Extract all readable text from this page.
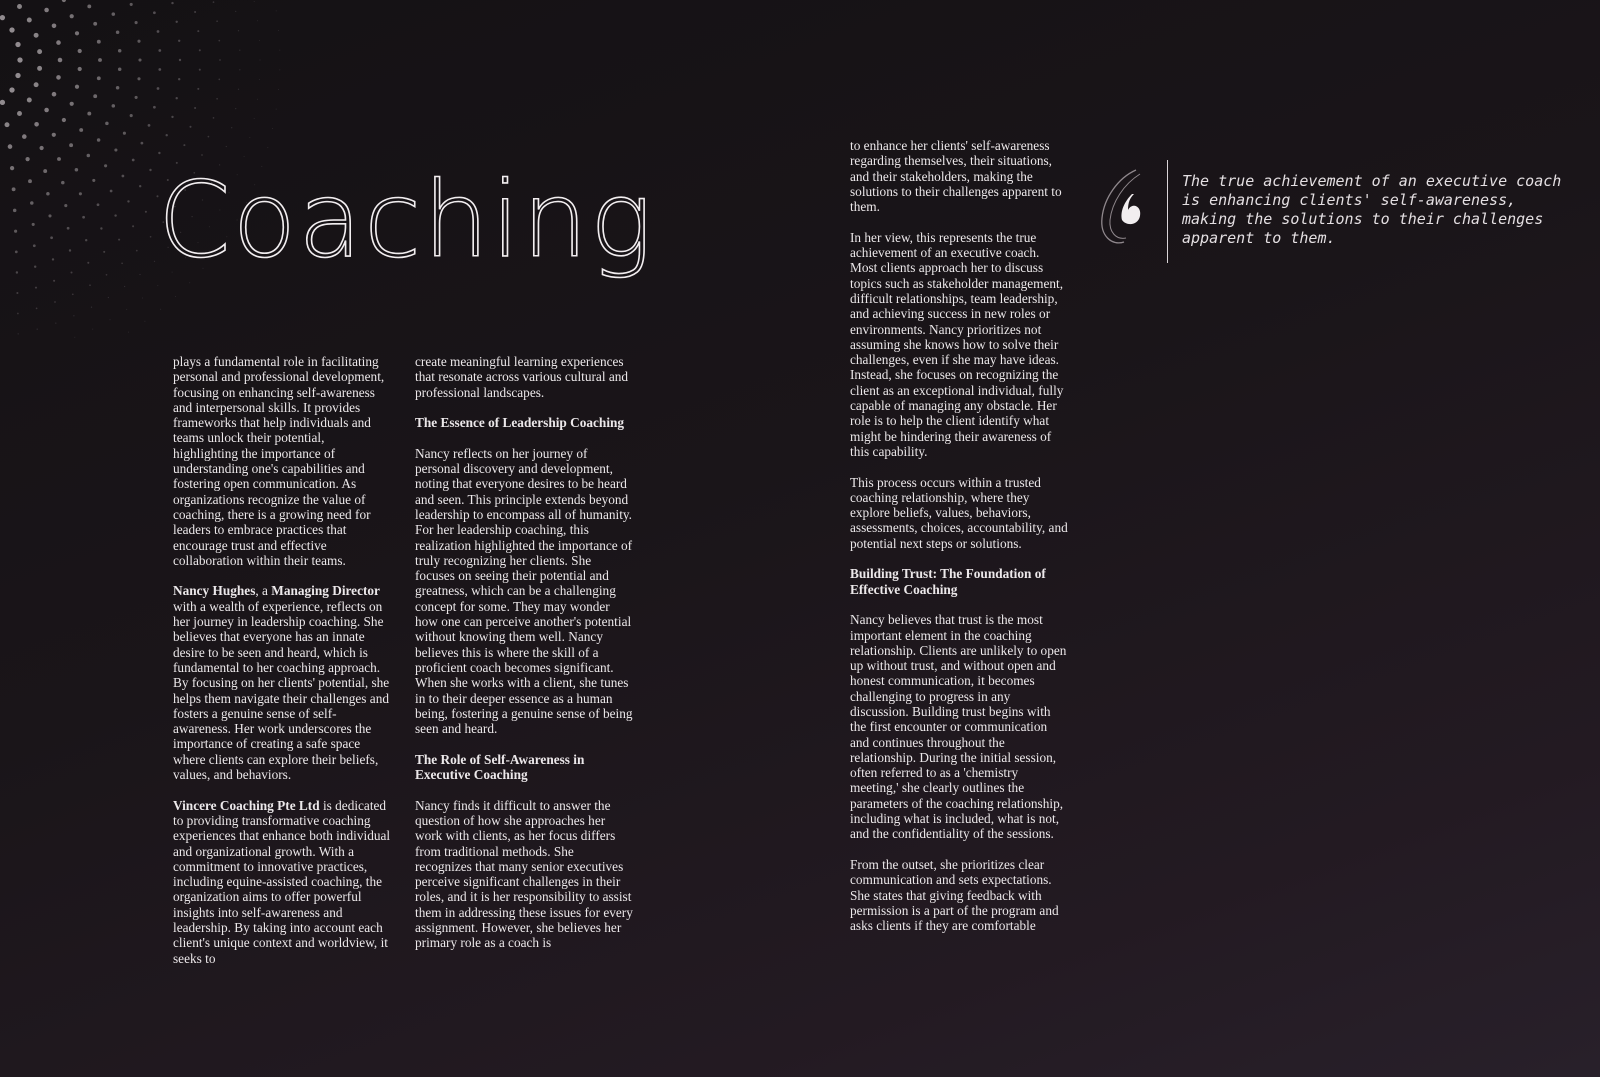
Coaching

plays a fundamental role in facilitating personal and professional development, focusing on enhancing self-awareness and interpersonal skills. It provides frameworks that help individuals and teams unlock their potential, highlighting the importance of understanding one's capabilities and fostering open communication. As organizations recognize the value of coaching, there is a growing need for leaders to embrace practices that encourage trust and effective collaboration within their teams.

Nancy Hughes, a Managing Director with a wealth of experience, reflects on her journey in leadership coaching. She believes that everyone has an innate desire to be seen and heard, which is fundamental to her coaching approach. By focusing on her clients' potential, she helps them navigate their challenges and fosters a genuine sense of self-awareness. Her work underscores the importance of creating a safe space where clients can explore their beliefs, values, and behaviors.

Vincere Coaching Pte Ltd is dedicated to providing transformative coaching experiences that enhance both individual and organizational growth. With a commitment to innovative practices, including equine-assisted coaching, the organization aims to offer powerful insights into self-awareness and leadership. By taking into account each client's unique context and worldview, it seeks to

create meaningful learning experiences that resonate across various cultural and professional landscapes.

The Essence of Leadership Coaching

Nancy reflects on her journey of personal discovery and development, noting that everyone desires to be heard and seen. This principle extends beyond leadership to encompass all of humanity. For her leadership coaching, this realization highlighted the importance of truly recognizing her clients. She focuses on seeing their potential and greatness, which can be a challenging concept for some. They may wonder how one can perceive another's potential without knowing them well. Nancy believes this is where the skill of a proficient coach becomes significant. When she works with a client, she tunes in to their deeper essence as a human being, fostering a genuine sense of being seen and heard.

The Role of Self-Awareness in Executive Coaching

Nancy finds it difficult to answer the question of how she approaches her work with clients, as her focus differs from traditional methods. She recognizes that many senior executives perceive significant challenges in their roles, and it is her responsibility to assist them in addressing these issues for every assignment. However, she believes her primary role as a coach is

to enhance her clients' self-awareness regarding themselves, their situations, and their stakeholders, making the solutions to their challenges apparent to them.

In her view, this represents the true achievement of an executive coach. Most clients approach her to discuss topics such as stakeholder management, difficult relationships, team leadership, and achieving success in new roles or environments. Nancy prioritizes not assuming she knows how to solve their challenges, even if she may have ideas. Instead, she focuses on recognizing the client as an exceptional individual, fully capable of managing any obstacle. Her role is to help the client identify what might be hindering their awareness of this capability.

This process occurs within a trusted coaching relationship, where they explore beliefs, values, behaviors, assessments, choices, accountability, and potential next steps or solutions.

Building Trust: The Foundation of Effective Coaching

Nancy believes that trust is the most important element in the coaching relationship. Clients are unlikely to open up without trust, and without open and honest communication, it becomes challenging to progress in any discussion. Building trust begins with the first encounter or communication and continues throughout the relationship. During the initial session, often referred to as a 'chemistry meeting,' she clearly outlines the parameters of the coaching relationship, including what is included, what is not, and the confidentiality of the sessions.

From the outset, she prioritizes clear communication and sets expectations. She states that giving feedback with permission is a part of the program and asks clients if they are comfortable

The true achievement of an executive coach is enhancing clients' self-awareness, making the solutions to their challenges apparent to them.
